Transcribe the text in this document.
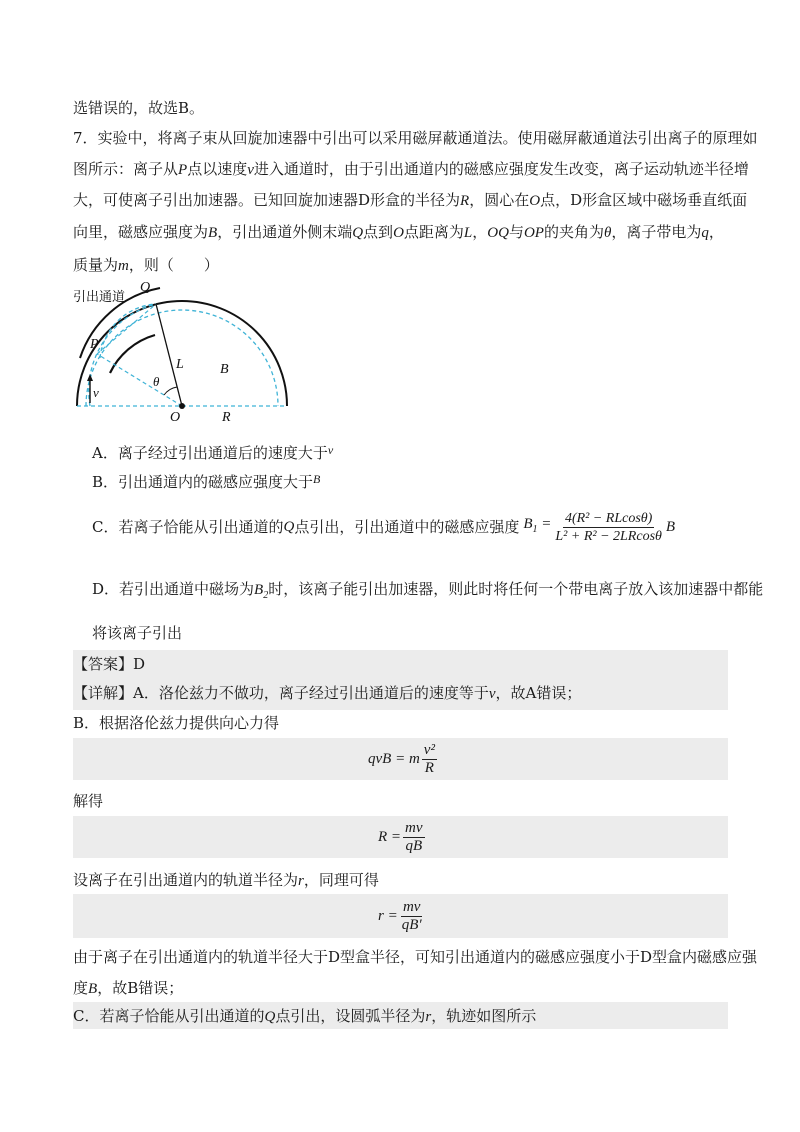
选错误的，故选B。
7．实验中，将离子束从回旋加速器中引出可以采用磁屏蔽通道法。使用磁屏蔽通道法引出离子的原理如
图所示：离子从P点以速度v进入通道时，由于引出通道内的磁感应强度发生改变，离子运动轨迹半径增
大，可使离子引出加速器。已知回旋加速器D形盒的半径为R，圆心在O点，D形盒区域中磁场垂直纸面
向里，磁感应强度为B，引出通道外侧末端Q点到O点距离为L，OQ与OP的夹角为θ，离子带电为q，
质量为m，则（　　）
引出通道
Q
P
L	B
θ
v
O	R
A．离子经过引出通道后的速度大于$^v$
B．引出通道内的磁感应强度大于$^B$
C．若离子恰能从引出通道的 Q 点引出，引出通道中的磁感应强度 $B_1 = \frac{\text{4(R² − RLcosθ)}}{\text{L² + R² − 2LRcosθ}}$ B
D．若引出通道中磁场为$B_2$时，该离子能引出加速器，则此时将任何一个带电离子放入该加速器中都能
将该离子引出
【答案】D
【详解】A．洛伦兹力不做功，离子经过引出通道后的速度等于v，故A错误；
B．根据洛伦兹力提供向心力得
qvB = m $\frac{\text{v²}}{R}$
解得
$R = \frac{mv}{qB}$
设离子在引出通道内的轨道半径为r，同理可得
$r = \frac{mv}{qB'}$
由于离子在引出通道内的轨道半径大于D型盒半径，可知引出通道内的磁感应强度小于D型盒内磁感应强
度B，故B错误；
C．若离子恰能从引出通道的Q点引出，设圆弧半径为r，轨迹如图所示
